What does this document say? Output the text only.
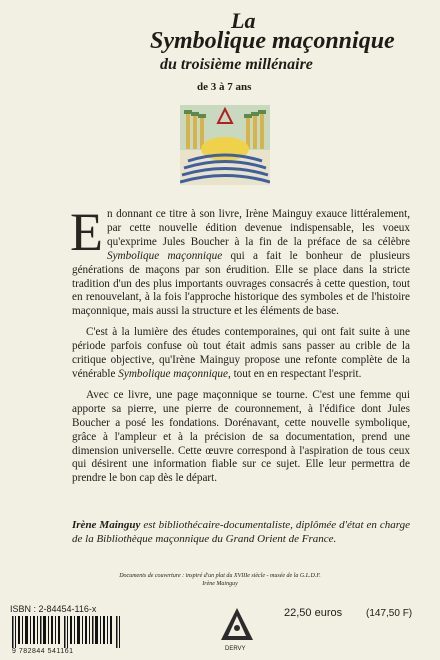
La
Symbolique maçonnique
du troisième millénaire
de 3 à 7 ans

En donnant ce titre à son livre, Irène Mainguy exauce littéralement, par cette nouvelle édition devenue indispensable, les voeux qu'exprime Jules Boucher à la fin de la préface de sa célèbre Symbolique maçonnique qui a fait le bonheur de plusieurs générations de maçons par son érudition. Elle se place dans la stricte tradition d'un des plus importants ouvrages consacrés à cette question, tout en renouvelant, à la fois l'approche historique des symboles et de l'histoire maçonnique, mais aussi la structure et les éléments de base.

C'est à la lumière des études contemporaines, qui ont fait suite à une période parfois confuse où tout était admis sans passer au crible de la critique objective, qu'Irène Mainguy propose une refonte complète de la vénérable Symbolique maçonnique, tout en en respectant l'esprit.

Avec ce livre, une page maçonnique se tourne. C'est une femme qui apporte sa pierre, une pierre de couronnement, à l'édifice dont Jules Boucher a posé les fondations. Dorénavant, cette nouvelle symbolique, grâce à l'ampleur et à la précision de sa documentation, prend une dimension universelle. Cette œuvre correspond à l'aspiration de tous ceux qui désirent une information fiable sur ce sujet. Elle leur permettra de prendre le bon cap dès le départ.

Irène Mainguy est bibliothécaire-documentaliste, diplômée d'état en charge de la Bibliothèque maçonnique du Grand Orient de France.
Documents de couverture : inspiré d'un plat du XVIIIe siècle - musée de la G.L.D.F.
Irène Mainguy
ISBN : 2-84454-116-x
9 782844 541161	DERVY
22,50 euros (147,50 F)
